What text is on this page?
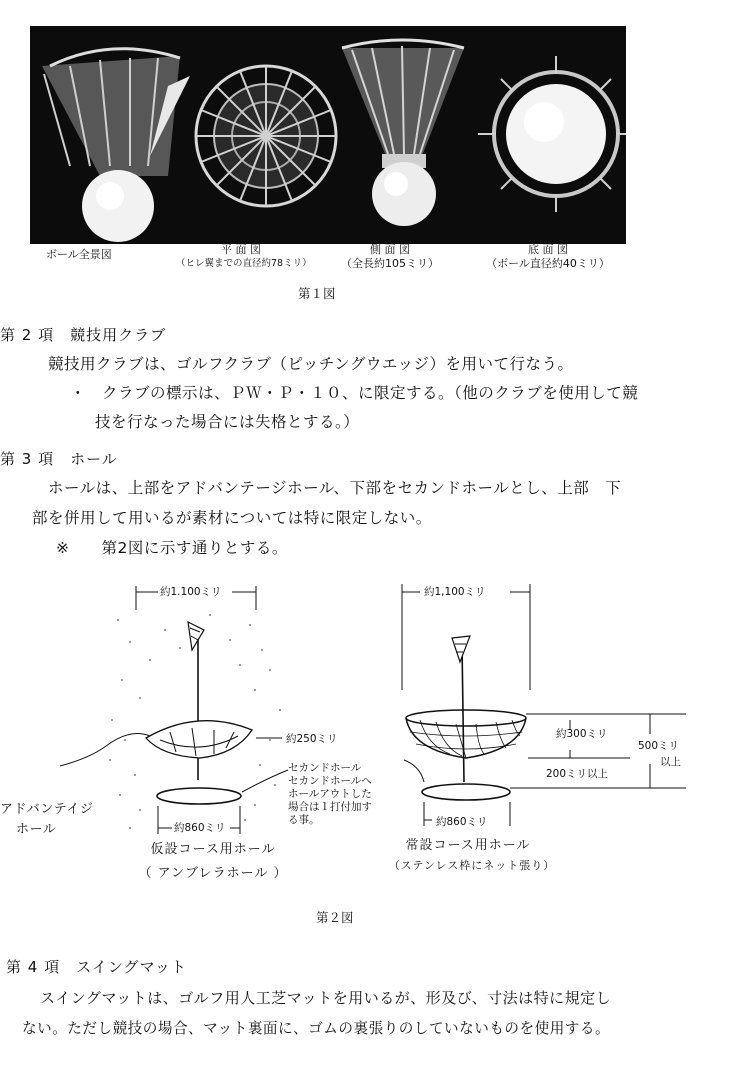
ボール全景図	平 面 図
（ヒレ翼までの直径約78ミリ）
側 面 図
（全長約105ミリ）
底 面 図
（ボール直径約40ミリ）
第１図
第 2 項　競技用クラブ
競技用クラブは、ゴルフクラブ（ピッチングウエッジ）を用いて行なう。
・　クラブの標示は、ＰＷ・Ｐ・１０、に限定する。（他のクラブを使用して競
技を行なった場合には失格とする。）
第 3 項　ホール
ホールは、上部をアドバンテージホール、下部をセカンドホールとし、上部　下
部を併用して用いるが素材については特に限定しない。
※　　第2図に示す通りとする。
約1.100ミリ
約250ミリ
アドバンテイジ
ホール
セカンドホール
セカンドホールへ
ホールアウトした
場合は１打付加す
る事。
約860ミリ
仮設コース用ホール
（ アンブレラホール ）
約1,100ミリ
約300ミリ
500ミリ
以上
200ミリ以上
約860ミリ
常設コース用ホール
（ステンレス枠にネット張り）
第２図
第 4 項　スイングマット
スイングマットは、ゴルフ用人工芝マットを用いるが、形及び、寸法は特に規定し
ない。ただし競技の場合、マット裏面に、ゴムの裏張りのしていないものを使用する。
